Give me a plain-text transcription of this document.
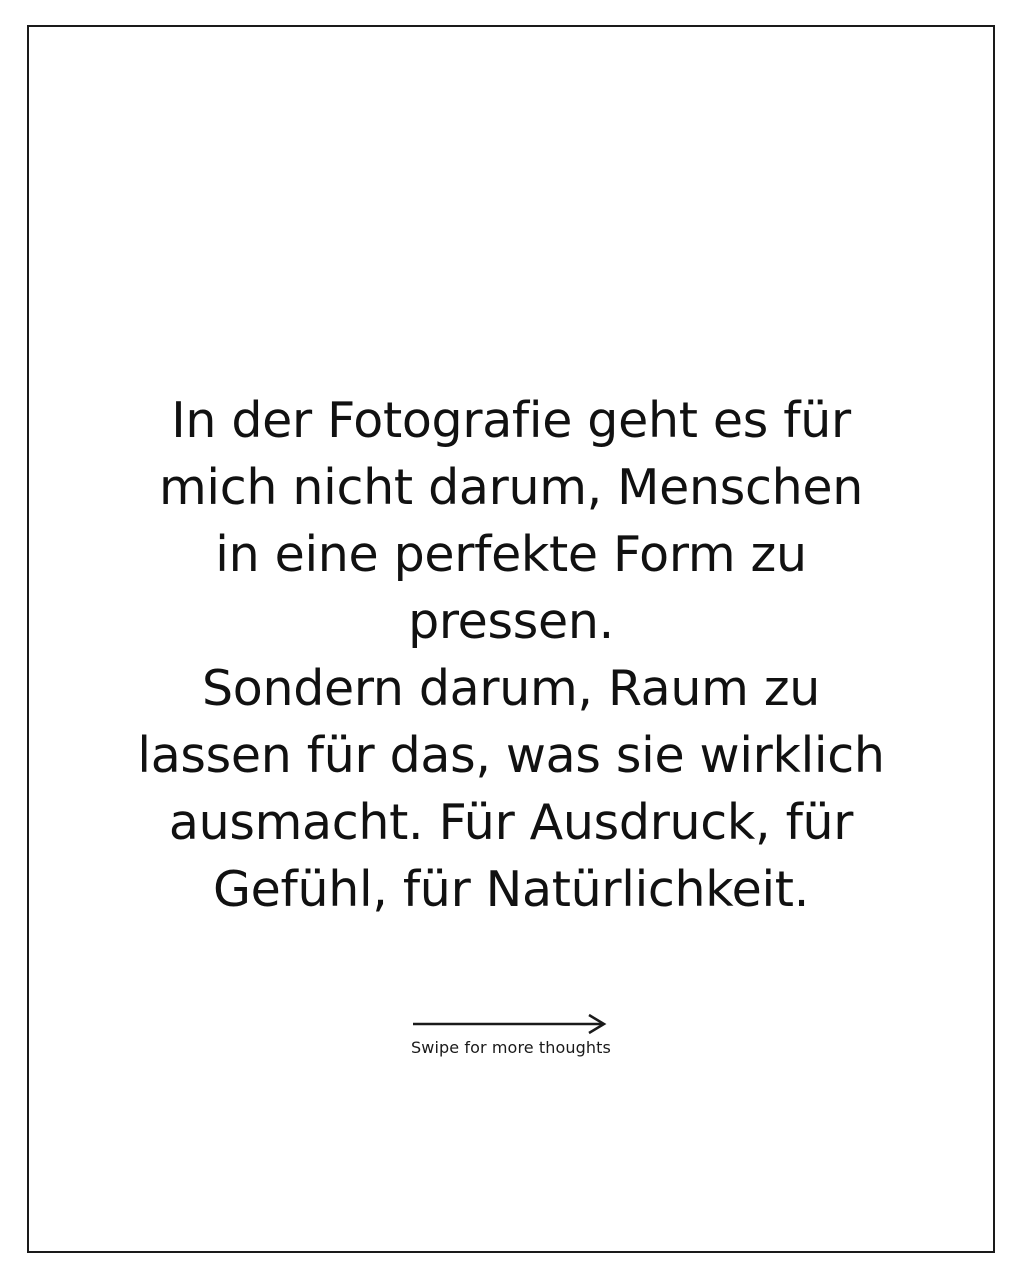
In der Fotografie geht es für
mich nicht darum, Menschen
in eine perfekte Form zu
pressen.
Sondern darum, Raum zu
lassen für das, was sie wirklich
ausmacht. Für Ausdruck, für
Gefühl, für Natürlichkeit.
Swipe for more thoughts
